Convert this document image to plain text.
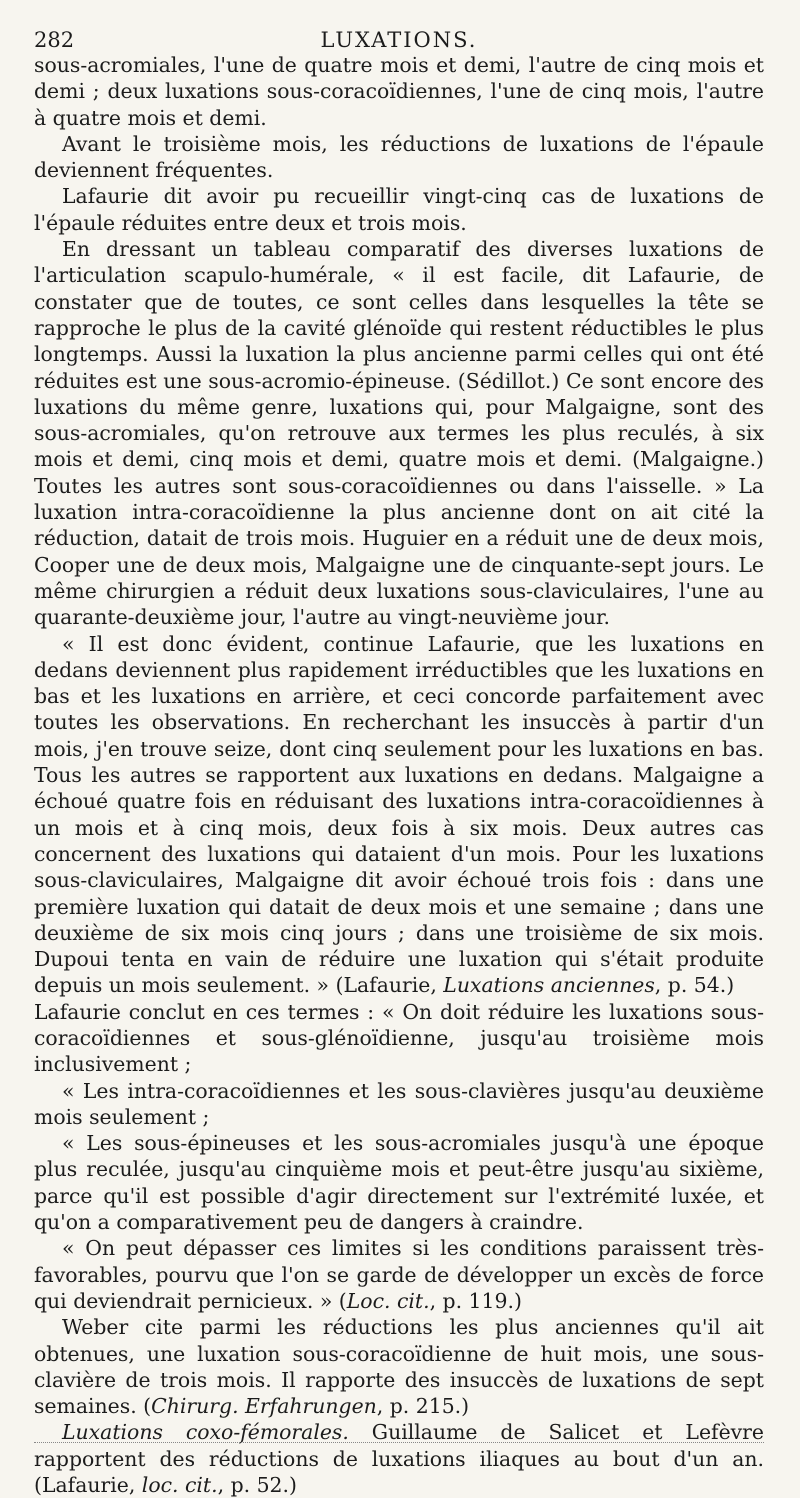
282	LUXATIONS.

sous-acromiales, l'une de quatre mois et demi, l'autre de cinq mois et demi ; deux luxations sous-coracoïdiennes, l'une de cinq mois, l'autre à quatre mois et demi.

Avant le troisième mois, les réductions de luxations de l'épaule deviennent fréquentes.

Lafaurie dit avoir pu recueillir vingt-cinq cas de luxations de l'épaule réduites entre deux et trois mois.

En dressant un tableau comparatif des diverses luxations de l'articulation scapulo-humérale, « il est facile, dit Lafaurie, de constater que de toutes, ce sont celles dans lesquelles la tête se rapproche le plus de la cavité glénoïde qui restent réductibles le plus longtemps. Aussi la luxation la plus ancienne parmi celles qui ont été réduites est une sous-acromio-épineuse. (Sédillot.) Ce sont encore des luxations du même genre, luxations qui, pour Malgaigne, sont des sous-acromiales, qu'on retrouve aux termes les plus reculés, à six mois et demi, cinq mois et demi, quatre mois et demi. (Malgaigne.) Toutes les autres sont sous-coracoïdiennes ou dans l'aisselle. » La luxation intra-coracoïdienne la plus ancienne dont on ait cité la réduction, datait de trois mois. Huguier en a réduit une de deux mois, Cooper une de deux mois, Malgaigne une de cinquante-sept jours. Le même chirurgien a réduit deux luxations sous-claviculaires, l'une au quarante-deuxième jour, l'autre au vingt-neuvième jour.

« Il est donc évident, continue Lafaurie, que les luxations en dedans deviennent plus rapidement irréductibles que les luxations en bas et les luxations en arrière, et ceci concorde parfaitement avec toutes les observations. En recherchant les insuccès à partir d'un mois, j'en trouve seize, dont cinq seulement pour les luxations en bas. Tous les autres se rapportent aux luxations en dedans. Malgaigne a échoué quatre fois en réduisant des luxations intra-coracoïdiennes à un mois et à cinq mois, deux fois à six mois. Deux autres cas concernent des luxations qui dataient d'un mois. Pour les luxations sous-claviculaires, Malgaigne dit avoir échoué trois fois : dans une première luxation qui datait de deux mois et une semaine ; dans une deuxième de six mois cinq jours ; dans une troisième de six mois. Dupoui tenta en vain de réduire une luxation qui s'était produite depuis un mois seulement. » (Lafaurie, Luxations anciennes, p. 54.)

Lafaurie conclut en ces termes : « On doit réduire les luxations sous-coracoïdiennes et sous-glénoïdienne, jusqu'au troisième mois inclusivement ;

« Les intra-coracoïdiennes et les sous-clavières jusqu'au deuxième mois seulement ;

« Les sous-épineuses et les sous-acromiales jusqu'à une époque plus reculée, jusqu'au cinquième mois et peut-être jusqu'au sixième, parce qu'il est possible d'agir directement sur l'extrémité luxée, et qu'on a comparativement peu de dangers à craindre.

« On peut dépasser ces limites si les conditions paraissent très-favorables, pourvu que l'on se garde de développer un excès de force qui deviendrait pernicieux. » (Loc. cit., p. 119.)

Weber cite parmi les réductions les plus anciennes qu'il ait obtenues, une luxation sous-coracoïdienne de huit mois, une sous-clavière de trois mois. Il rapporte des insuccès de luxations de sept semaines. (Chirurg. Erfahrungen, p. 215.)

Luxations coxo-fémorales. Guillaume de Salicet et Lefèvre rapportent des réductions de luxations iliaques au bout d'un an. (Lafaurie, loc. cit., p. 52.)
